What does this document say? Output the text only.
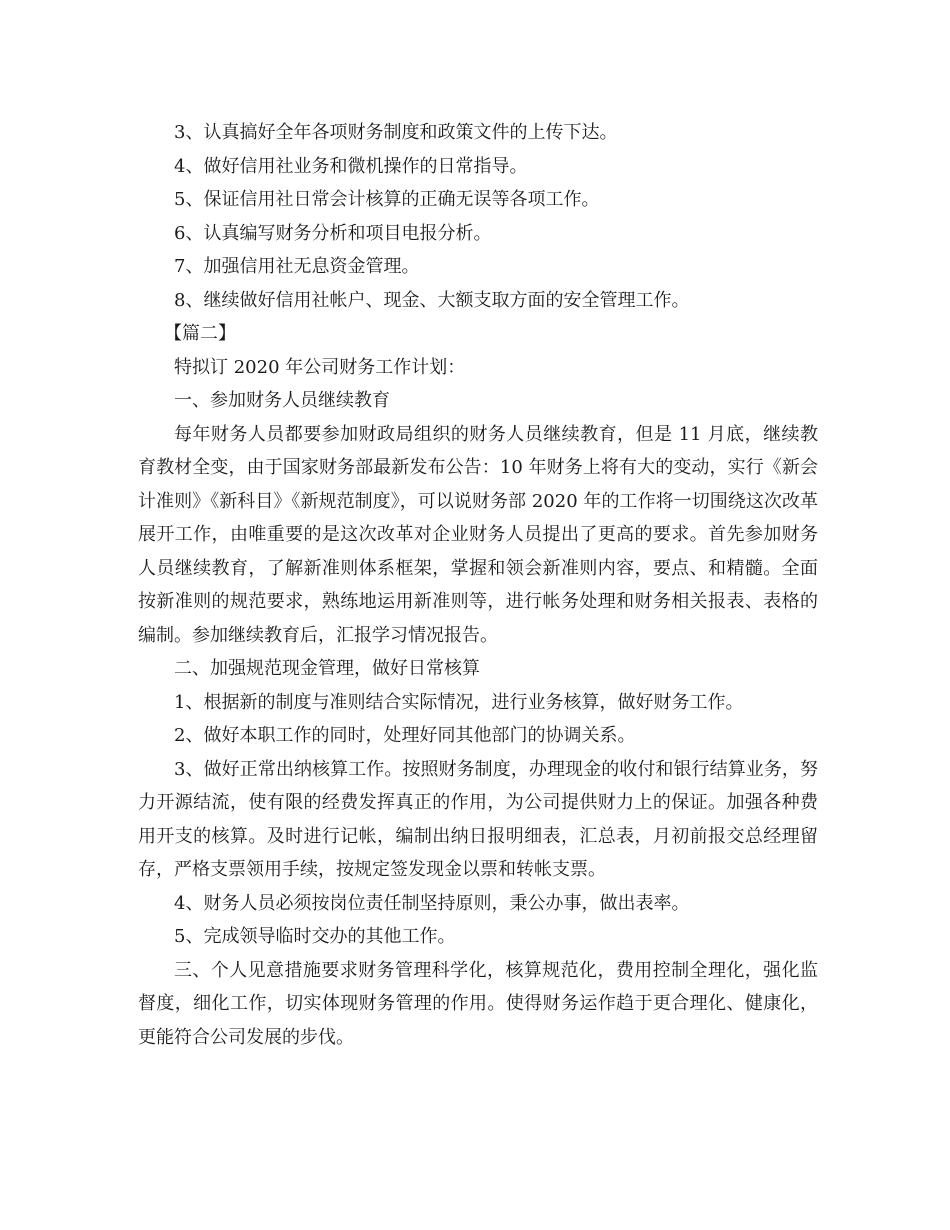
3、认真搞好全年各项财务制度和政策文件的上传下达。

4、做好信用社业务和微机操作的日常指导。

5、保证信用社日常会计核算的正确无误等各项工作。

6、认真编写财务分析和项目电报分析。

7、加强信用社无息资金管理。

8、继续做好信用社帐户、现金、大额支取方面的安全管理工作。

【篇二】

特拟订 2020 年公司财务工作计划：

一、参加财务人员继续教育

每年财务人员都要参加财政局组织的财务人员继续教育，但是 11 月底，继续教育教材全变，由于国家财务部最新发布公告：10 年财务上将有大的变动，实行《新会计准则》《新科目》《新规范制度》，可以说财务部 2020 年的工作将一切围绕这次改革展开工作，由唯重要的是这次改革对企业财务人员提出了更高的要求。首先参加财务人员继续教育，了解新准则体系框架，掌握和领会新准则内容，要点、和精髓。全面按新准则的规范要求，熟练地运用新准则等，进行帐务处理和财务相关报表、表格的编制。参加继续教育后，汇报学习情况报告。

二、加强规范现金管理，做好日常核算

1、根据新的制度与准则结合实际情况，进行业务核算，做好财务工作。

2、做好本职工作的同时，处理好同其他部门的协调关系。

3、做好正常出纳核算工作。按照财务制度，办理现金的收付和银行结算业务，努力开源结流，使有限的经费发挥真正的作用，为公司提供财力上的保证。加强各种费用开支的核算。及时进行记帐，编制出纳日报明细表，汇总表，月初前报交总经理留存，严格支票领用手续，按规定签发现金以票和转帐支票。

4、财务人员必须按岗位责任制坚持原则，秉公办事，做出表率。

5、完成领导临时交办的其他工作。

三、个人见意措施要求财务管理科学化，核算规范化，费用控制全理化，强化监督度，细化工作，切实体现财务管理的作用。使得财务运作趋于更合理化、健康化，更能符合公司发展的步伐。
